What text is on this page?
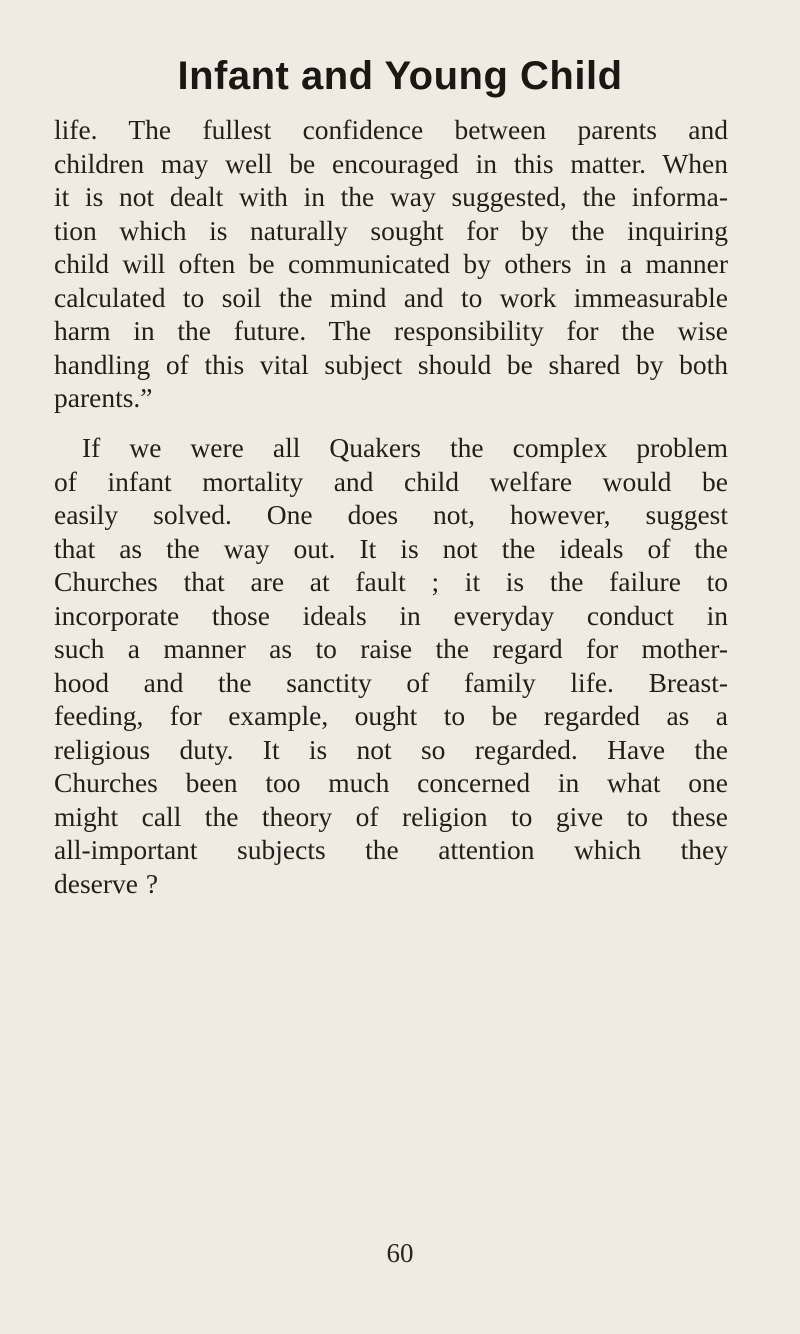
Infant and Young Child
life. The fullest confidence between parents and
children may well be encouraged in this matter. When
it is not dealt with in the way suggested, the informa-
tion which is naturally sought for by the inquiring
child will often be communicated by others in a manner
calculated to soil the mind and to work immeasurable
harm in the future. The responsibility for the wise
handling of this vital subject should be shared by both
parents.”
If we were all Quakers the complex problem
of infant mortality and child welfare would be
easily solved. One does not, however, suggest
that as the way out. It is not the ideals of the
Churches that are at fault ; it is the failure to
incorporate those ideals in everyday conduct in
such a manner as to raise the regard for mother-
hood and the sanctity of family life. Breast-
feeding, for example, ought to be regarded as a
religious duty. It is not so regarded. Have the
Churches been too much concerned in what one
might call the theory of religion to give to these
all-important subjects the attention which they
deserve ?
60
